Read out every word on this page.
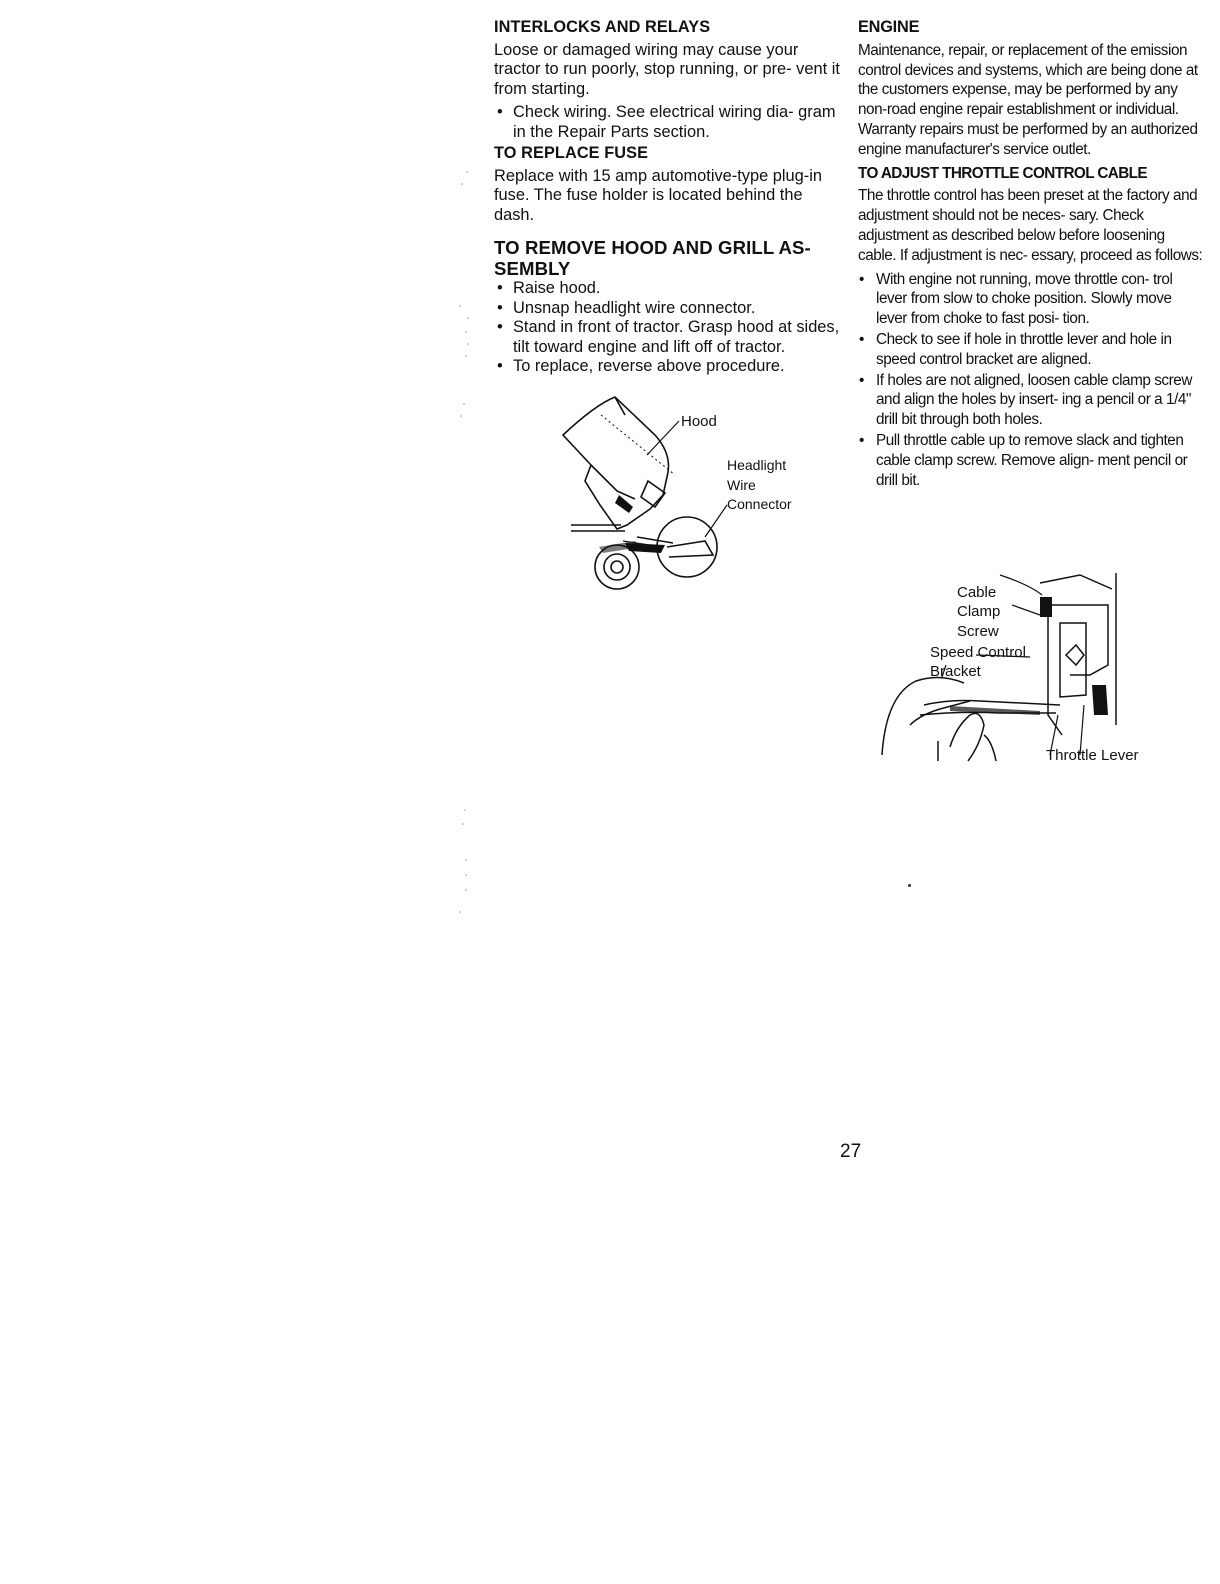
INTERLOCKS AND RELAYS

Loose or damaged wiring may cause your tractor to run poorly, stop running, or pre- vent it from starting.

• Check wiring. See electrical wiring dia- gram in the Repair Parts section.

TO REPLACE FUSE

Replace with 15 amp automotive-type plug-in fuse. The fuse holder is located behind the dash.

TO REMOVE HOOD AND GRILL AS- SEMBLY

• Raise hood.
• Unsnap headlight wire connector.
• Stand in front of tractor. Grasp hood at sides, tilt toward engine and lift off of tractor.
• To replace, reverse above procedure.
Hood
Headlight
Wire
Connector

ENGINE

Maintenance, repair, or replacement of the emission control devices and systems, which are being done at the customers expense, may be performed by any non-road engine repair establishment or individual. Warranty repairs must be performed by an authorized engine manufacturer's service outlet.

TO ADJUST THROTTLE CONTROL CABLE

The throttle control has been preset at the factory and adjustment should not be neces- sary. Check adjustment as described below before loosening cable. If adjustment is nec- essary, proceed as follows:

• With engine not running, move throttle con- trol lever from slow to choke position. Slowly move lever from choke to fast posi- tion.
• Check to see if hole in throttle lever and hole in speed control bracket are aligned.
• If holes are not aligned, loosen cable clamp screw and align the holes by insert- ing a pencil or a 1/4" drill bit through both holes.
• Pull throttle cable up to remove slack and tighten cable clamp screw. Remove align- ment pencil or drill bit.
Cable
Clamp
Screw
Speed Control
Bracket
Throttle Lever
27
